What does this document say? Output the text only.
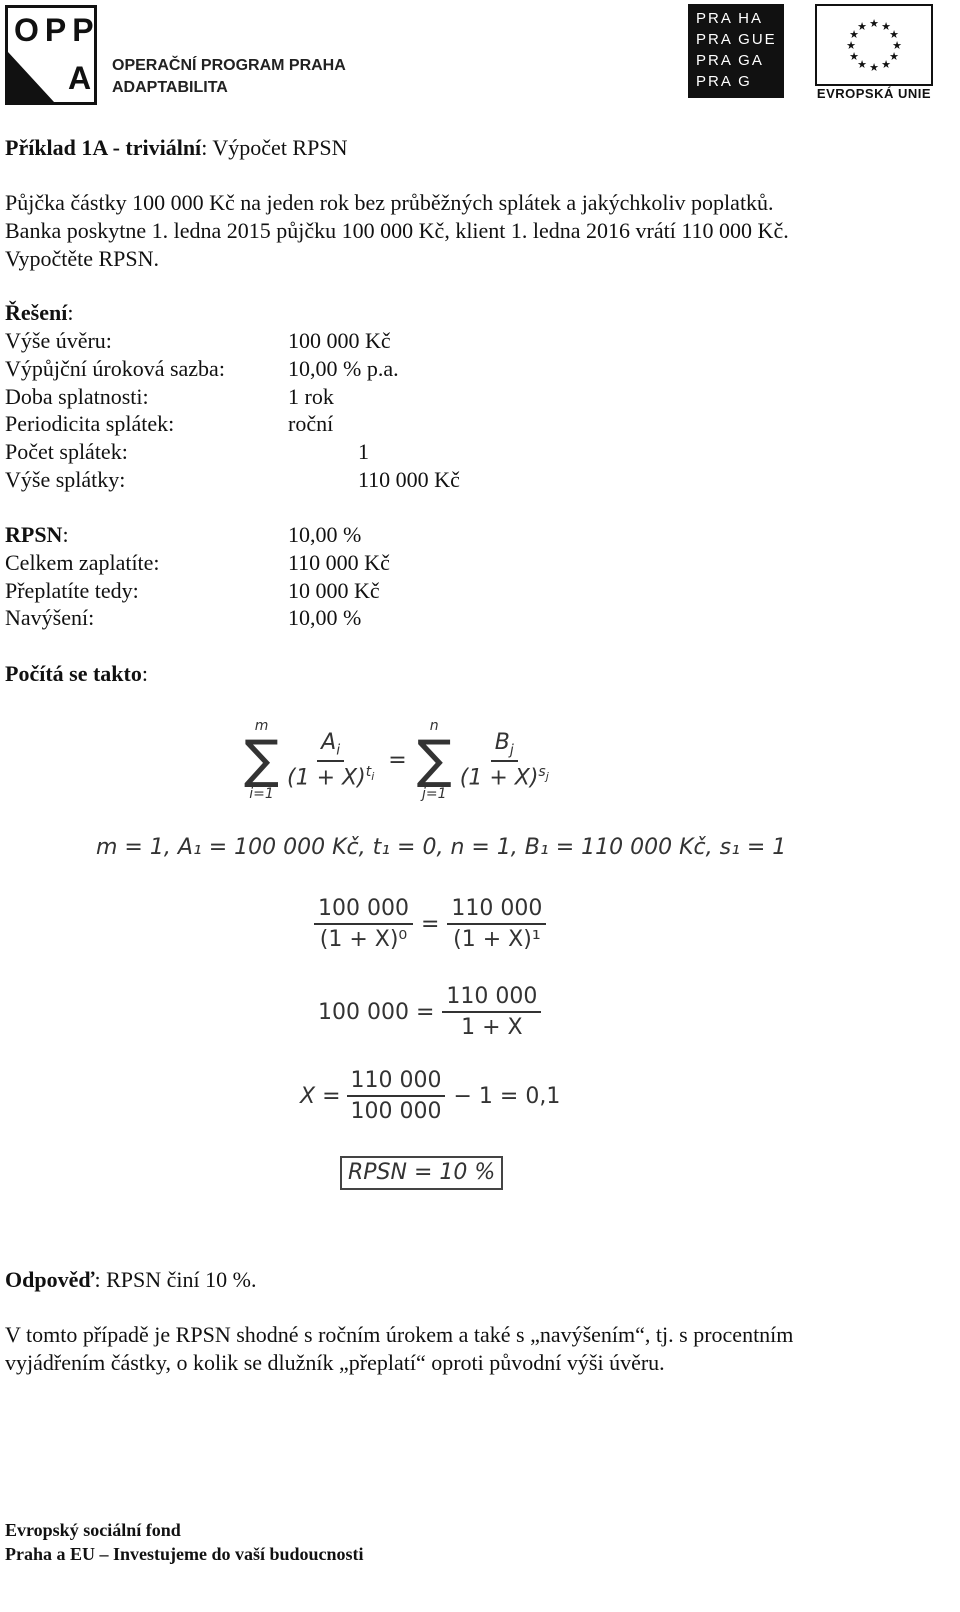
OPP
A OPERAČNÍ PROGRAM PRAHA
ADAPTABILITA
PRA HA
PRA GUE
PRA GA
PRA G
★ ★
★
★
★
★
★
★
★
★
★
★
EVROPSKÁ UNIE
Příklad 1A - triviální: Výpočet RPSN
Půjčka částky 100 000 Kč na jeden rok bez průběžných splátek a jakýchkoliv poplatků.
Banka poskytne 1. ledna 2015 půjčku 100 000 Kč, klient 1. ledna 2016 vrátí 110 000 Kč.
Vypočtěte RPSN.
Řešení:
Výše úvěru:	100 000 Kč
Výpůjční úroková sazba:	10,00 % p.a.
Doba splatnosti:	1 rok
Periodicita splátek:	roční
Počet splátek:	1
Výše splátky:	110 000 Kč
RPSN:	10,00 %
Celkem zaplatíte:	110 000 Kč
Přeplatíte tedy:	10 000 Kč
Navýšení:	10,00 %
Počítá se takto:
m
∑
i=1
$\frac{A_i}{(1 + X)^{t_i}}$ =
n
∑
j=1
$\frac{B_j}{(1 + X)^{s_j}}$
m = 1, A₁ = 100 000 Kč, t₁ = 0, n = 1, B₁ = 110 000 Kč, s₁ = 1
$\frac{100 000}{\text{(1 + X)⁰}} = \frac{110 000}{\text{(1 + X)¹}}$
100 $000 = \frac{110 000}{1 + X}$
$X = \frac{110 000}{100 000} - 1 = 0,1$
RPSN = 10 %
Odpověď: RPSN činí 10 %.
V tomto případě je RPSN shodné s ročním úrokem a také s „navýšením“, tj. s procentním
vyjádřením částky, o kolik se dlužník „přeplatí“ oproti původní výši úvěru.
Evropský sociální fond
Praha a EU – Investujeme do vaší budoucnosti
